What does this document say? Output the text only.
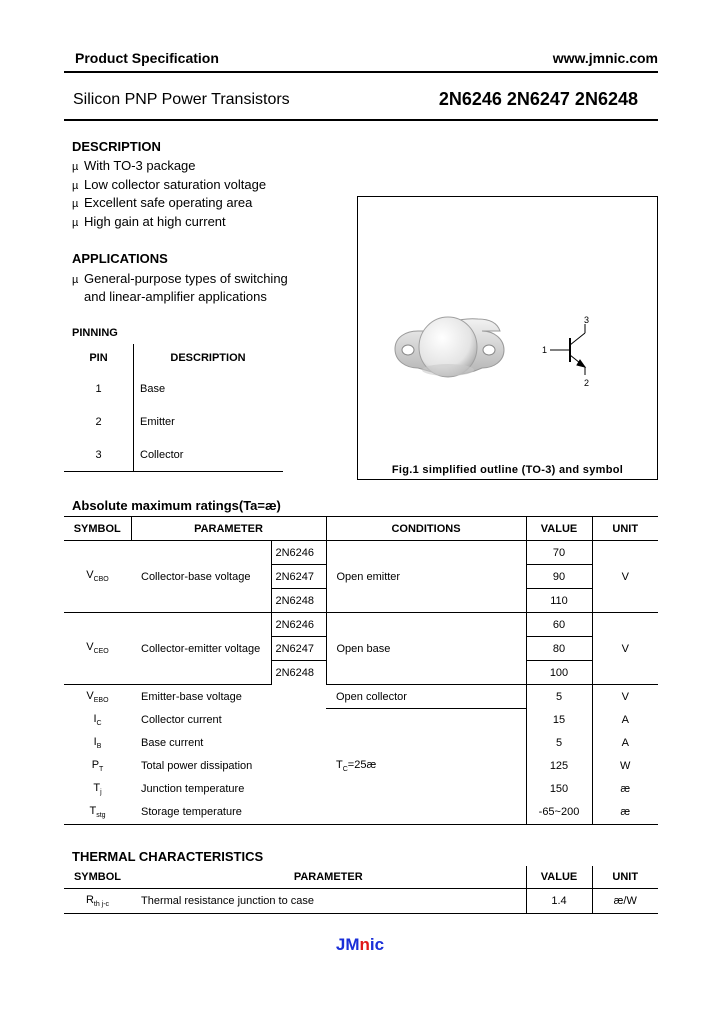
Product Specification	www.jmnic.com
Silicon PNP Power Transistors	2N6246 2N6247 2N6248
DESCRIPTION
µ With TO-3 package
µ Low collector saturation voltage
µ Excellent safe operating area
µ High gain at high current
APPLICATIONS
µ General-purpose types of switching
and linear-amplifier applications
PINNING
PIN	DESCRIPTION
1	Base
2	Emitter
3	Collector
1
3
2
Fig.1 simplified outline (TO-3) and symbol
Absolute maximum ratings(Ta=æ)
SYMBOL	PARAMETER		CONDITIONS	VALUE	UNIT
$V_{CBO}$	Collector-base voltage	2N6246	Open emitter	70	V
		2N6247		90	
		2N6248		110	
$V_{CEO}$	Collector-emitter voltage	2N6246	Open base	60	V
		2N6247		80	
		2N6248		100	
$V_{EBO}$	Emitter-base voltage		Open collector	5	V
$I_C$	Collector current		$T_C=25æ$	15	A
$I_B$	Base current			5	A
$P_T$	Total power dissipation			125	W
$T_j$	Junction temperature			150	æ
$T_{stg}$	Storage temperature			-65~200	æ
THERMAL CHARACTERISTICS
SYMBOL	PARAMETER	VALUE	UNIT
$R_{th j-c}$	Thermal resistance junction to case	1.4	æ/W
JMnic
